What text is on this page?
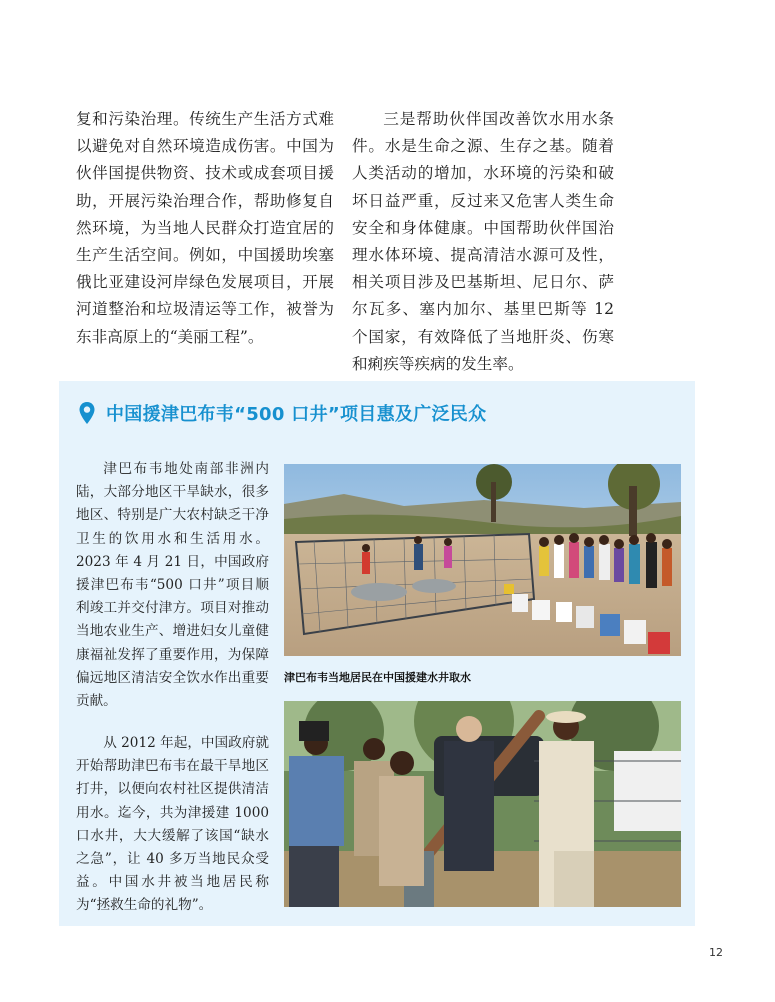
复和污染治理。传统生产生活方式难以避免对自然环境造成伤害。中国为伙伴国提供物资、技术或成套项目援助，开展污染治理合作，帮助修复自然环境，为当地人民群众打造宜居的生产生活空间。例如，中国援助埃塞俄比亚建设河岸绿色发展项目，开展河道整治和垃圾清运等工作，被誉为东非高原上的“美丽工程”。

三是帮助伙伴国改善饮水用水条件。水是生命之源、生存之基。随着人类活动的增加，水环境的污染和破坏日益严重，反过来又危害人类生命安全和身体健康。中国帮助伙伴国治理水体环境、提高清洁水源可及性，相关项目涉及巴基斯坦、尼日尔、萨尔瓦多、塞内加尔、基里巴斯等 12 个国家，有效降低了当地肝炎、伤寒和痢疾等疾病的发生率。

中国援津巴布韦“500 口井”项目惠及广泛民众

津巴布韦地处南部非洲内陆，大部分地区干旱缺水，很多地区、特别是广大农村缺乏干净卫生的饮用水和生活用水。2023 年 4 月 21 日，中国政府援津巴布韦“500 口井”项目顺利竣工并交付津方。项目对推动当地农业生产、增进妇女儿童健康福祉发挥了重要作用，为保障偏远地区清洁安全饮水作出重要贡献。

从 2012 年起，中国政府就开始帮助津巴布韦在最干旱地区打井，以便向农村社区提供清洁用水。迄今，共为津援建 1000 口水井，大大缓解了该国“缺水之急”，让 40 多万当地民众受益。中国水井被当地居民称为“拯救生命的礼物”。

津巴布韦当地居民在中国援建水井取水
12
